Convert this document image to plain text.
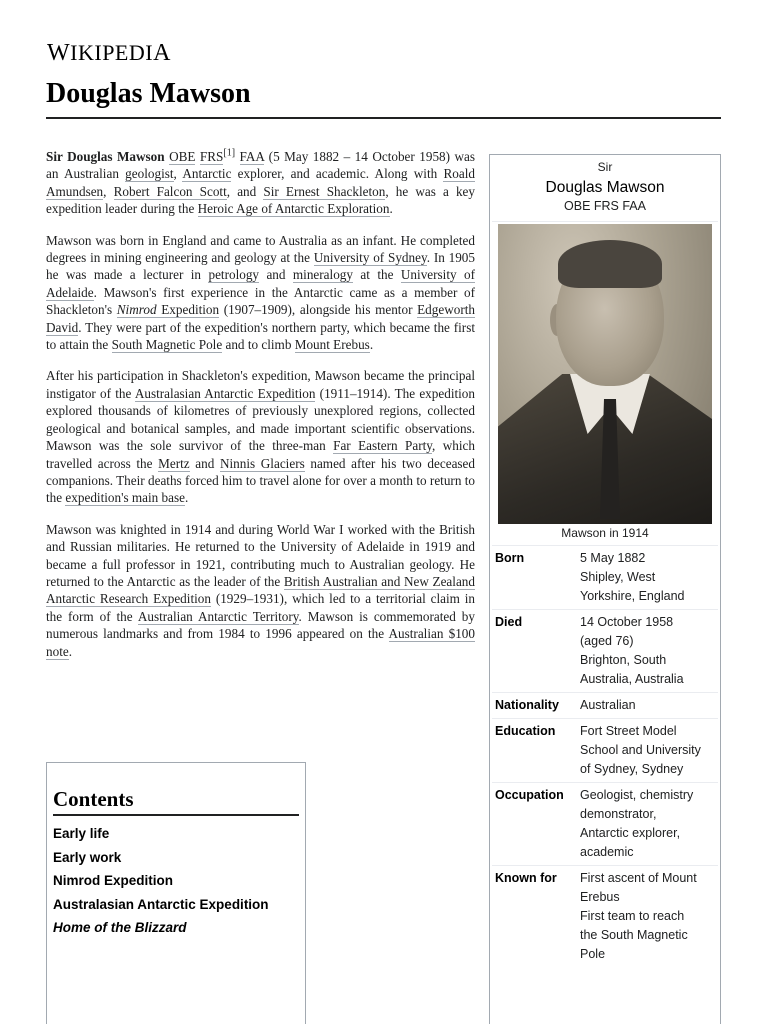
WIKIPEDIA
Douglas Mawson

Sir Douglas Mawson OBE FRS[1] FAA (5 May 1882 – 14 October 1958) was an Australian geologist, Antarctic explorer, and academic. Along with Roald Amundsen, Robert Falcon Scott, and Sir Ernest Shackleton, he was a key expedition leader during the Heroic Age of Antarctic Exploration.

Mawson was born in England and came to Australia as an infant. He completed degrees in mining engineering and geology at the University of Sydney. In 1905 he was made a lecturer in petrology and mineralogy at the University of Adelaide. Mawson's first experience in the Antarctic came as a member of Shackleton's Nimrod Expedition (1907–1909), alongside his mentor Edgeworth David. They were part of the expedition's northern party, which became the first to attain the South Magnetic Pole and to climb Mount Erebus.

After his participation in Shackleton's expedition, Mawson became the principal instigator of the Australasian Antarctic Expedition (1911–1914). The expedition explored thousands of kilometres of previously unexplored regions, collected geological and botanical samples, and made important scientific observations. Mawson was the sole survivor of the three-man Far Eastern Party, which travelled across the Mertz and Ninnis Glaciers named after his two deceased companions. Their deaths forced him to travel alone for over a month to return to the expedition's main base.

Mawson was knighted in 1914 and during World War I worked with the British and Russian militaries. He returned to the University of Adelaide in 1919 and became a full professor in 1921, contributing much to Australian geology. He returned to the Antarctic as the leader of the British Australian and New Zealand Antarctic Research Expedition (1929–1931), which led to a territorial claim in the form of the Australian Antarctic Territory. Mawson is commemorated by numerous landmarks and from 1984 to 1996 appeared on the Australian $100 note.

Contents
Early life
Early work
Nimrod Expedition
Australasian Antarctic Expedition
Home of the Blizzard
Sir
Douglas Mawson
OBE FRS FAA
Mawson in 1914
Born	5 May 1882
Shipley, West
Yorkshire, England
Died	14 October 1958
(aged 76)
Brighton, South
Australia, Australia
Nationality	Australian
Education	Fort Street Model
School and University
of Sydney, Sydney
Occupation	Geologist, chemistry
demonstrator,
Antarctic explorer,
academic
Known for	First ascent of Mount
Erebus
First team to reach
the South Magnetic
Pole
